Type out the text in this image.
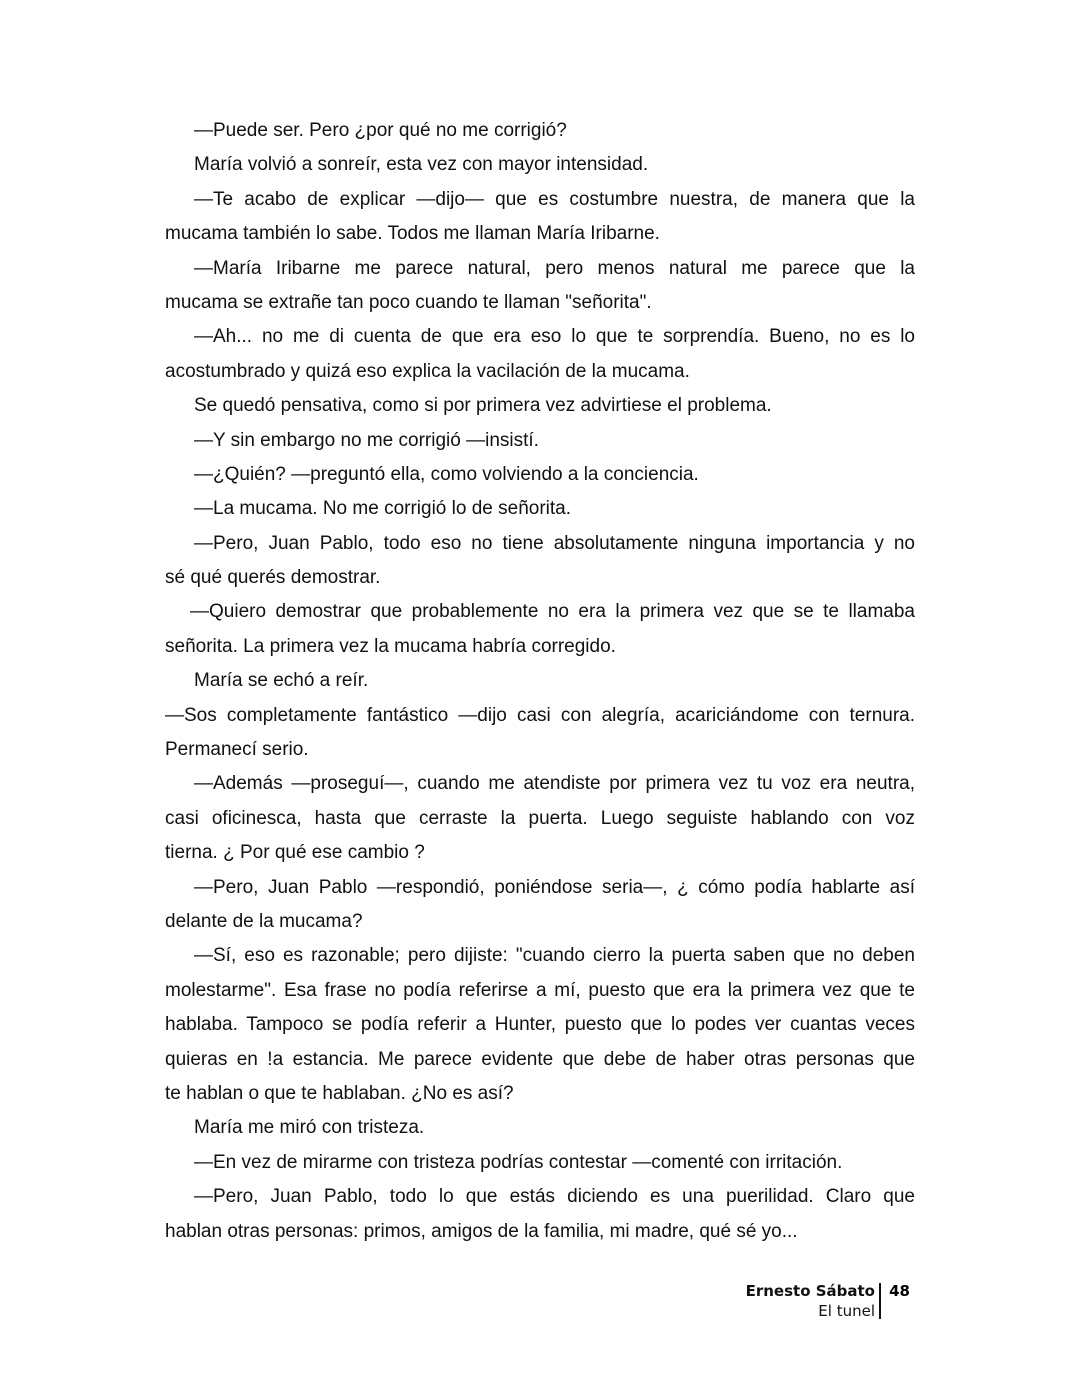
—Puede ser. Pero ¿por qué no me corrigió?
María volvió a sonreír, esta vez con mayor intensidad.
—Te acabo de explicar —dijo— que es costumbre nuestra, de manera que la
mucama también lo sabe. Todos me llaman María Iribarne.
—María Iribarne me parece natural, pero menos natural me parece que la
mucama se extrañe tan poco cuando te llaman "señorita".
—Ah... no me di cuenta de que era eso lo que te sorprendía. Bueno, no es lo
acostumbrado y quizá eso explica la vacilación de la mucama.
Se quedó pensativa, como si por primera vez advirtiese el problema.
—Y sin embargo no me corrigió —insistí.
—¿Quién? —preguntó ella, como volviendo a la conciencia.
—La mucama. No me corrigió lo de señorita.
—Pero, Juan Pablo, todo eso no tiene absolutamente ninguna importancia y no
sé qué querés demostrar.
—Quiero demostrar que probablemente no era la primera vez que se te llamaba
señorita. La primera vez la mucama habría corregido.
María se echó a reír.
—Sos completamente fantástico —dijo casi con alegría, acariciándome con ternura.
Permanecí serio.
—Además —proseguí—, cuando me atendiste por primera vez tu voz era neutra,
casi oficinesca, hasta que cerraste la puerta. Luego seguiste hablando con voz
tierna. ¿ Por qué ese cambio ?
—Pero, Juan Pablo —respondió, poniéndose seria—, ¿ cómo podía hablarte así
delante de la mucama?
—Sí, eso es razonable; pero dijiste: "cuando cierro la puerta saben que no deben
molestarme". Esa frase no podía referirse a mí, puesto que era la primera vez que te
hablaba. Tampoco se podía referir a Hunter, puesto que lo podes ver cuantas veces
quieras en !a estancia. Me parece evidente que debe de haber otras personas que
te hablan o que te hablaban. ¿No es así?
María me miró con tristeza.
—En vez de mirarme con tristeza podrías contestar —comenté con irritación.
—Pero, Juan Pablo, todo lo que estás diciendo es una puerilidad. Claro que
hablan otras personas: primos, amigos de la familia, mi madre, qué sé yo...
Ernesto Sábato
El tunel
48
